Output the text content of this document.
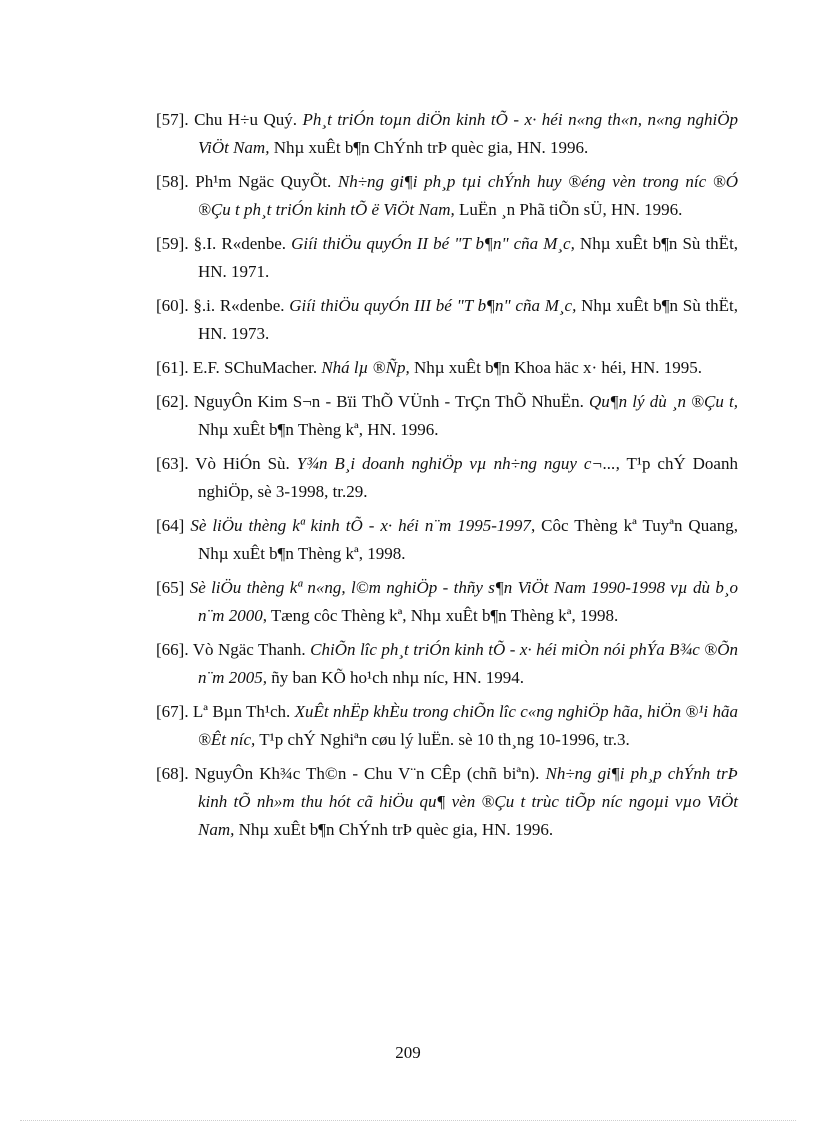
[57]. Chu H÷u Quý. Ph¸t triÓn toµn diÖn kinh tÕ - x· héi n«ng th«n, n«ng nghiÖp ViÖt Nam, Nhµ xuÊt b¶n ChÝnh trÞ quèc gia, HN. 1996.
[58]. Ph¹m Ngäc QuyÕt. Nh÷ng gi¶i ph¸p tµi chÝnh huy ®éng vèn trong níc ®Ó ®Çu t ph¸t triÓn kinh tÕ ë ViÖt Nam, LuËn ¸n Phã tiÕn sÜ, HN. 1996.
[59]. §.I. R«denbe. Giíi thiÖu quyÓn II bé "T b¶n" cña M¸c, Nhµ xuÊt b¶n Sù thËt, HN. 1971.
[60]. §.i. R«denbe. Giíi thiÖu quyÓn III bé "T b¶n" cña M¸c, Nhµ xuÊt b¶n Sù thËt, HN. 1973.
[61]. E.F. SChuMacher. Nhá lµ ®Ñp, Nhµ xuÊt b¶n Khoa häc x· héi, HN. 1995.
[62]. NguyÔn Kim S¬n - Bïi ThÕ VÜnh - TrÇn ThÕ NhuËn. Qu¶n lý dù ¸n ®Çu t, Nhµ xuÊt b¶n Thèng kª, HN. 1996.
[63]. Vò HiÓn Sù. Y¾n B¸i doanh nghiÖp vµ nh÷ng nguy c¬..., T¹p chÝ Doanh nghiÖp, sè 3-1998, tr.29.
[64] Sè liÖu thèng kª kinh tÕ - x· héi n¨m 1995-1997, Côc Thèng kª Tuyªn Quang, Nhµ xuÊt b¶n Thèng kª, 1998.
[65] Sè liÖu thèng kª n«ng, l©m nghiÖp - thñy s¶n ViÖt Nam 1990-1998 vµ dù b¸o n¨m 2000, Tæng côc Thèng kª, Nhµ xuÊt b¶n Thèng kª, 1998.
[66]. Vò Ngäc Thanh. ChiÕn lîc ph¸t triÓn kinh tÕ - x· héi miÒn nói phÝa B¾c ®Õn n¨m 2005, ñy ban KÕ ho¹ch nhµ níc, HN. 1994.
[67]. Lª Bµn Th¹ch. XuÊt nhËp khÈu trong chiÕn lîc c«ng nghiÖp hãa, hiÖn ®¹i hãa ®Êt níc, T¹p chÝ Nghiªn cøu lý luËn. sè 10 th¸ng 10-1996, tr.3.
[68]. NguyÔn Kh¾c Th©n - Chu V¨n CÊp (chñ biªn). Nh÷ng gi¶i ph¸p chÝnh trÞ kinh tÕ nh»m thu hót cã hiÖu qu¶ vèn ®Çu t trùc tiÕp níc ngoµi vµo ViÖt Nam, Nhµ xuÊt b¶n ChÝnh trÞ quèc gia, HN. 1996.
209
